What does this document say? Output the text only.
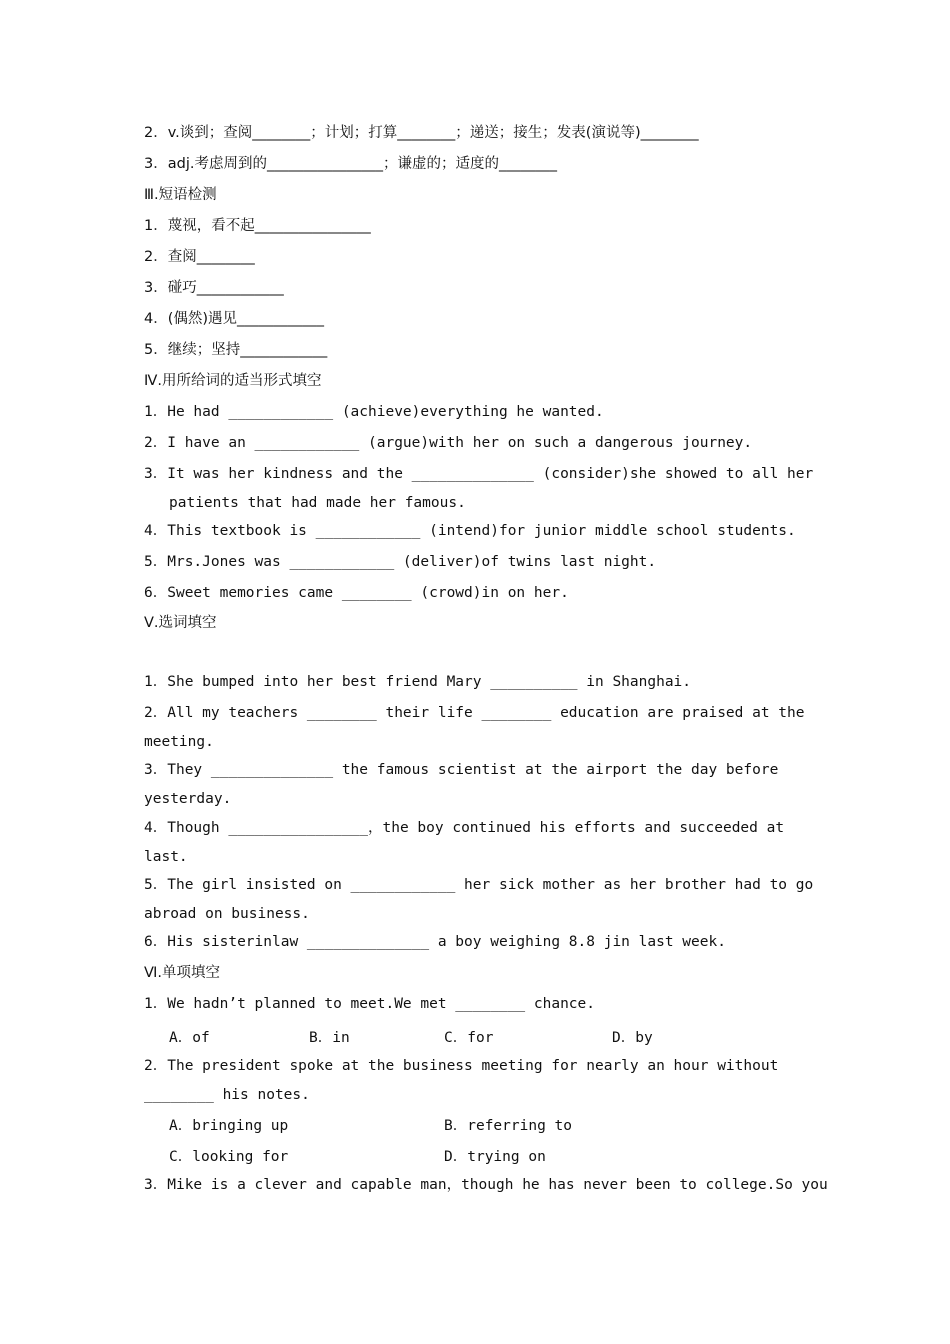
2．v.谈到；查阅________；计划；打算________；递送；接生；发表(演说等)________
3．adj.考虑周到的________________；谦虚的；适度的________
Ⅲ.短语检测
1．蔑视，看不起________________
2．查阅________
3．碰巧____________
4．(偶然)遇见____________
5．继续；坚持____________
Ⅳ.用所给词的适当形式填空
1．He had ____________ (achieve)everything he wanted.
2．I have an ____________ (argue)with her on such a dangerous journey.
3．It was her kindness and the ______________ (consider)she showed to all her
patients that had made her famous.
4．This textbook is ____________ (intend)for junior middle school students.
5．Mrs.Jones was ____________ (deliver)of twins last night.
6．Sweet memories came ________ (crowd)in on her.
Ⅴ.选词填空
1．She bumped into her best friend Mary __________ in Shanghai.
2．All my teachers ________ their life ________ education are praised at the
meeting.
3．They ______________ the famous scientist at the airport the day before
yesterday.
4．Though ________________，the boy continued his efforts and succeeded at
last.
5．The girl insisted on ____________ her sick mother as her brother had to go
abroad on business.
6．His sisterinlaw ______________ a boy weighing 8.8 jin last week.
Ⅵ.单项填空
1．We hadn’t planned to meet.We met ________ chance.
A．of	B．in	C．for	D．by
2．The president spoke at the business meeting for nearly an hour without
________ his notes.
A．bringing up	B．referring to
C．looking for	D．trying on
3．Mike is a clever and capable man，though he has never been to college.So you
